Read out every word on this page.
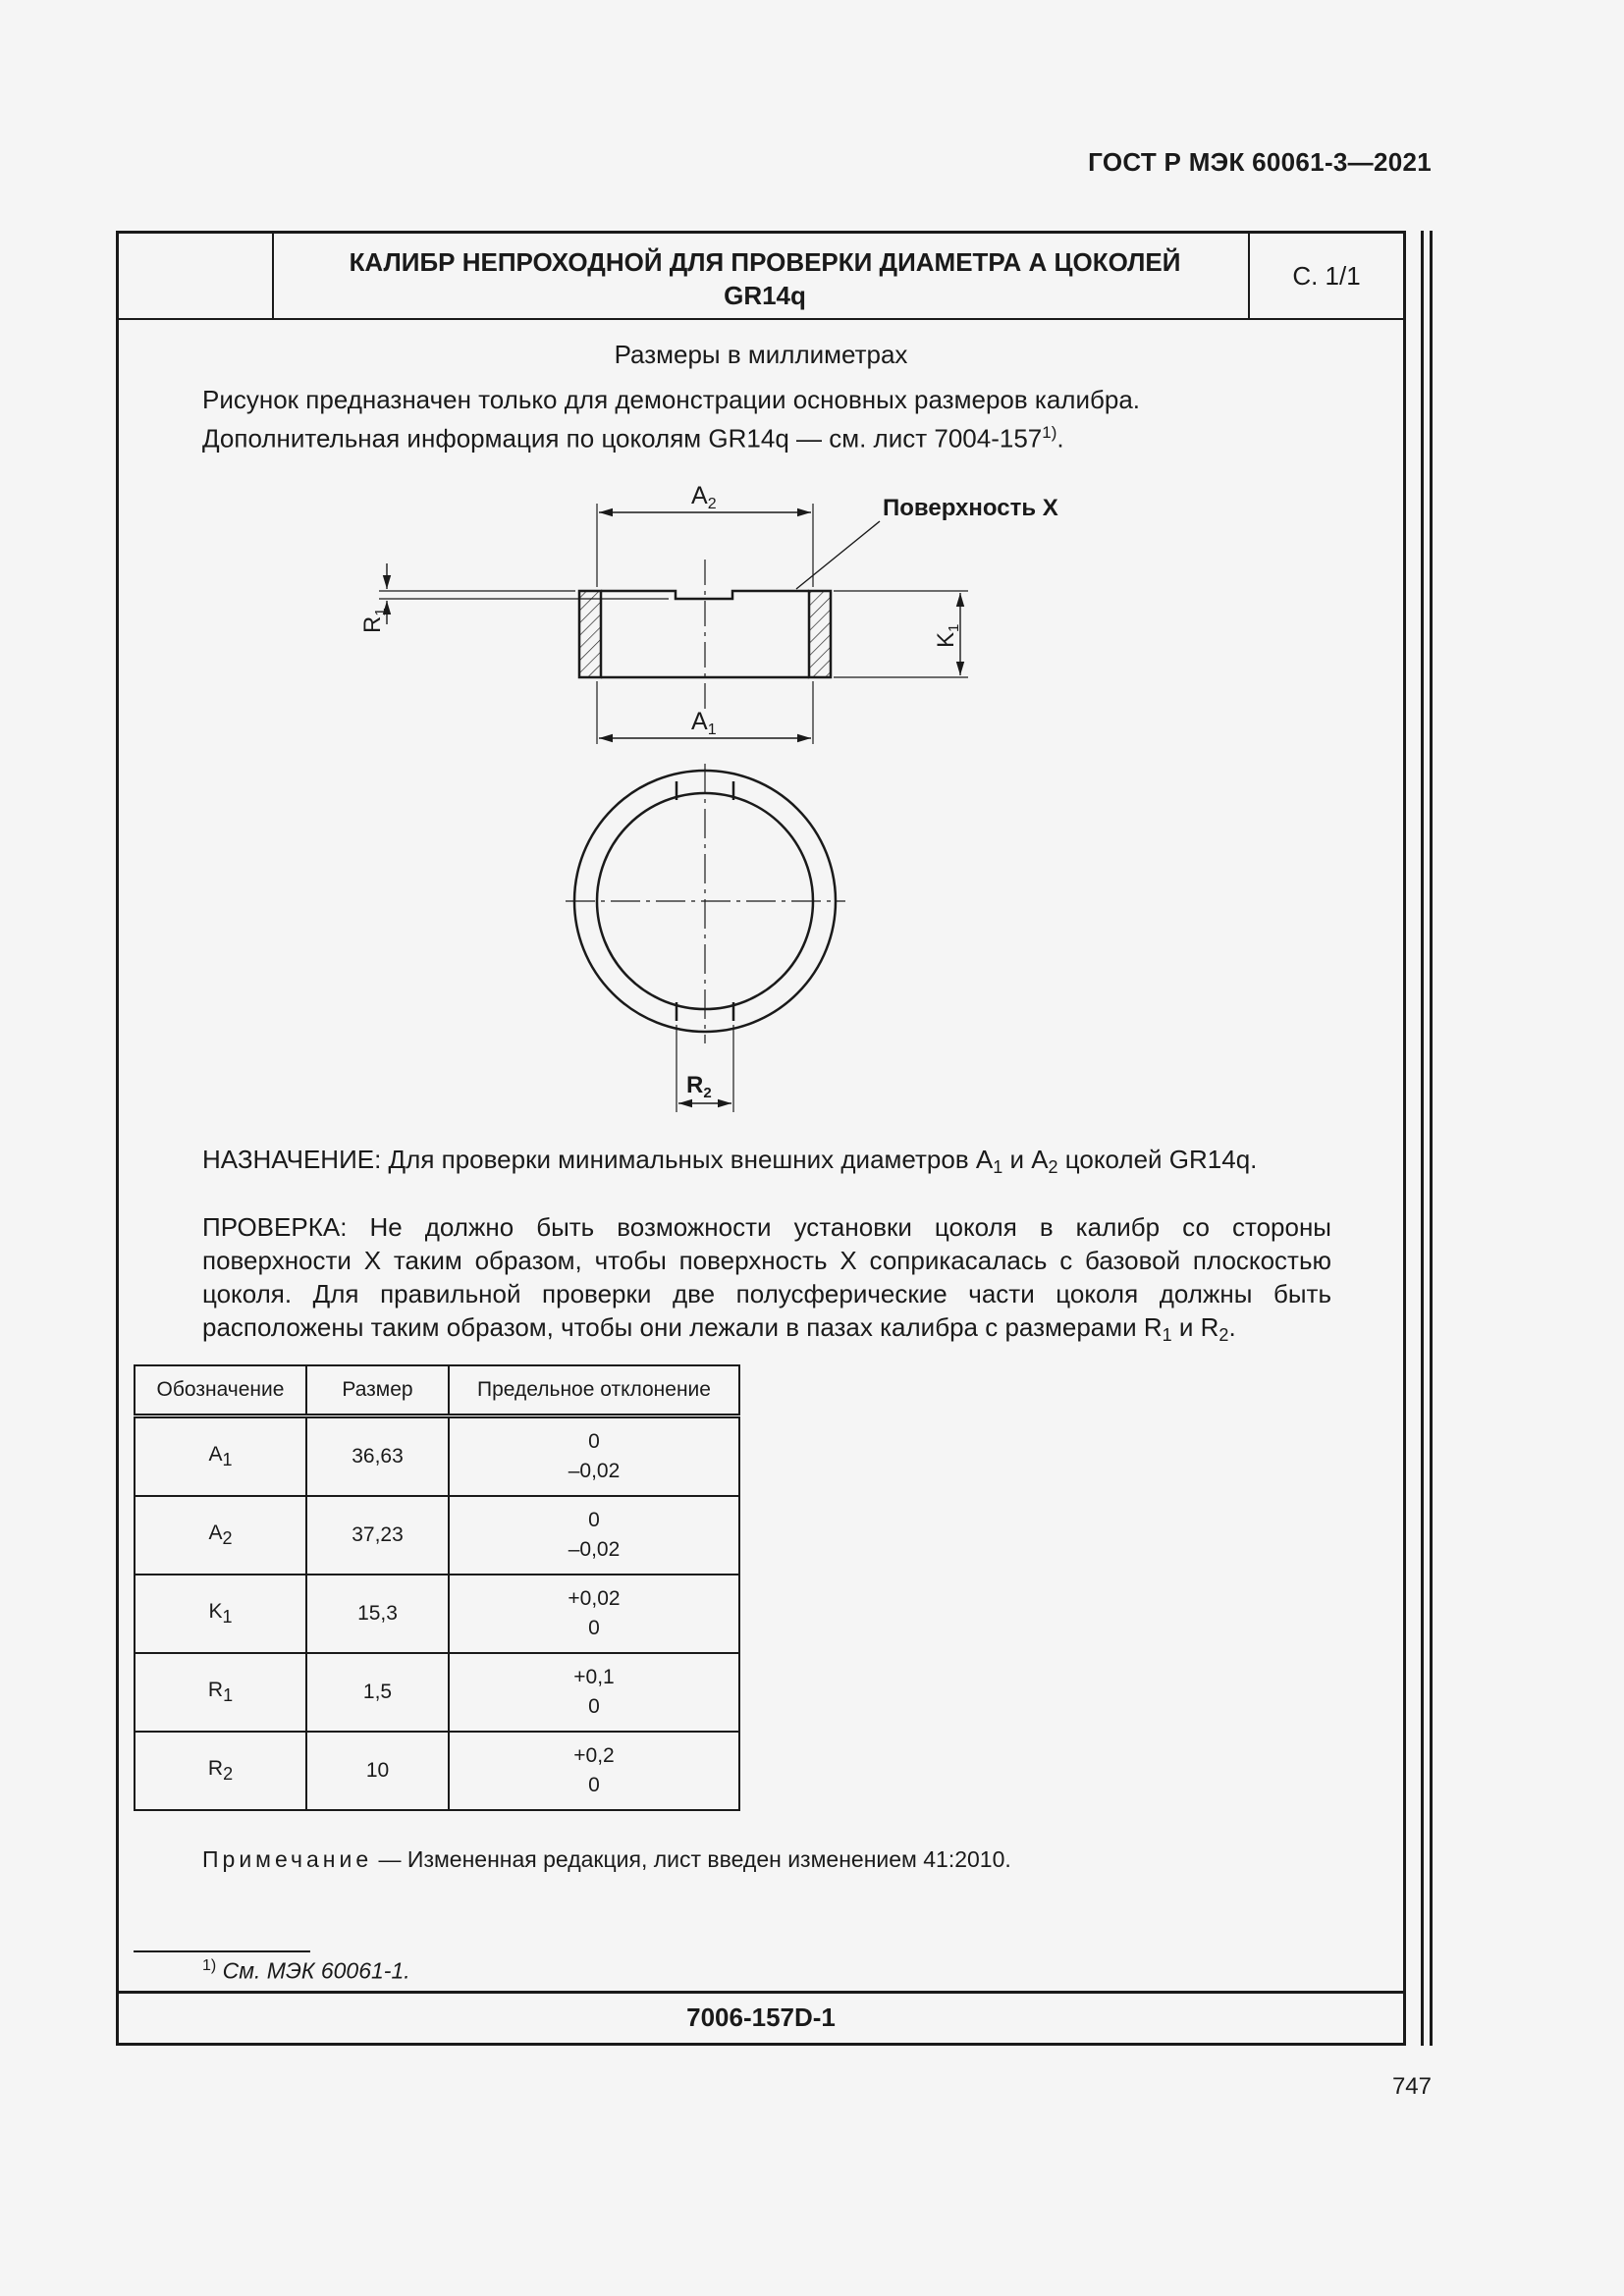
ГОСТ Р МЭК 60061-3—2021
КАЛИБР НЕПРОХОДНОЙ ДЛЯ ПРОВЕРКИ ДИАМЕТРА А ЦОКОЛЕЙ
GR14q
С. 1/1
Размеры в миллиметрах
Рисунок предназначен только для демонстрации основных размеров калибра.
Дополнительная информация по цоколям GR14q — см. лист 7004-157$^{1)}$.
$A_2$
$A_1$
$K_1$
$R_1$
Поверхность X
$R_2$
НАЗНАЧЕНИЕ: Для проверки минимальных внешних диаметров $A_1$ и $A_2$ цоколей GR14q.
ПРОВЕРКА: Не должно быть возможности установки цоколя в калибр со стороны поверхности X таким образом, чтобы поверхность X соприкасалась с базовой плоскостью цоколя. Для правильной проверки две полусферические части цоколя должны быть расположены таким образом, чтобы они лежали в пазах калибра с размерами $R_1$ и $R_2$.
Обозначение	Размер	Предельное отклонение
$A_1$	36,63	0
–0,02

$A_2$	37,23	0
–0,02

$K_1$	15,3	+0,02
0

$R_1$	1,5	+0,1
0

$R_2$	10	+0,2
0
Примечание — Измененная редакция, лист введен изменением 41:2010.
$^{1)}$ См. МЭК 60061-1.
7006-157D-1
747
